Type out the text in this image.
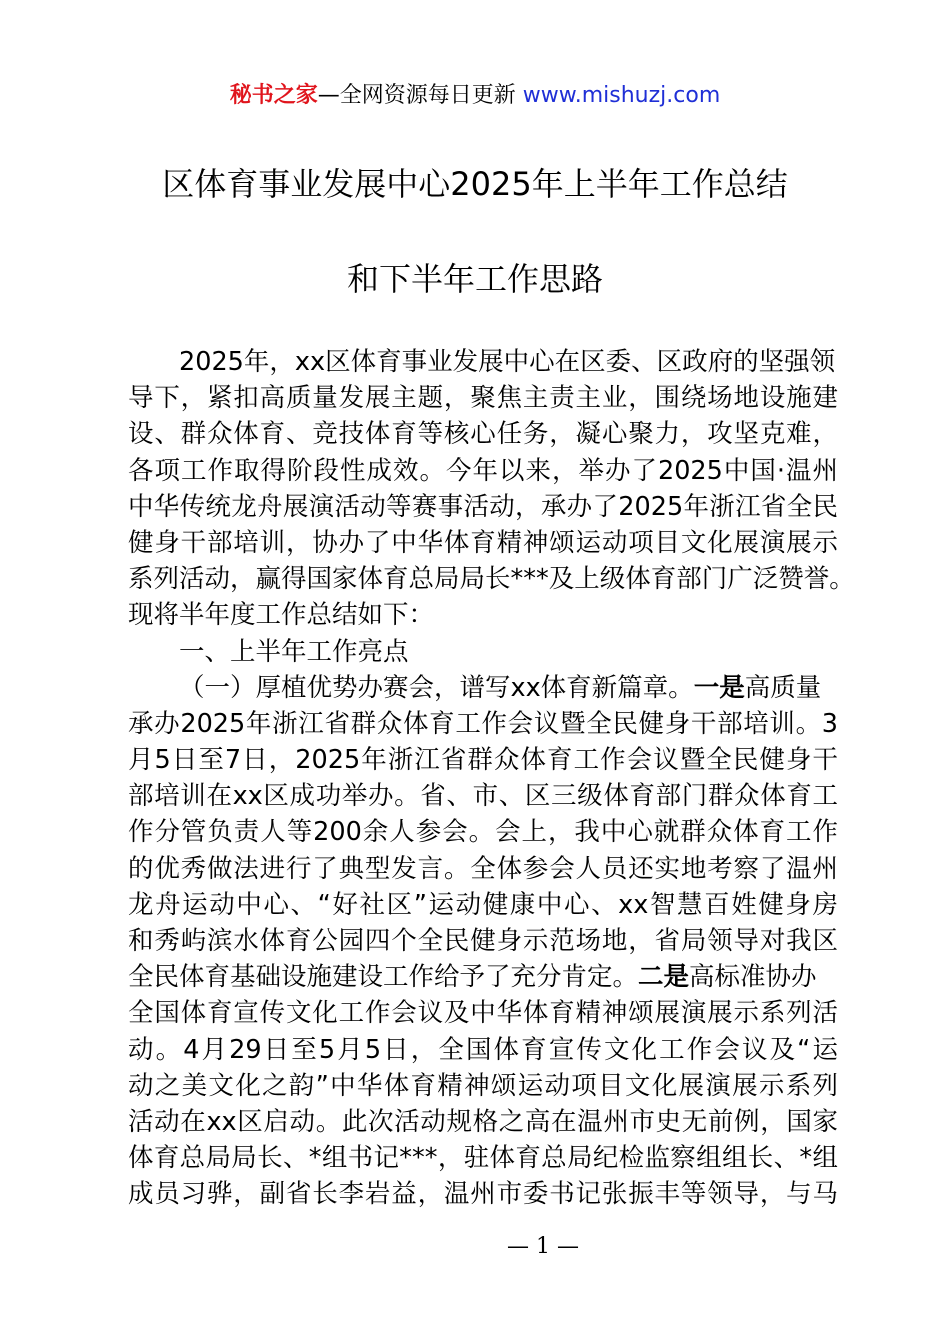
秘书之家—全网资源每日更新 www.mishuzj.com
区体育事业发展中心2025年上半年工作总结
和下半年工作思路
2025年，xx区体育事业发展中心在区委、区政府的坚强领
导下，紧扣高质量发展主题，聚焦主责主业，围绕场地设施建
设、群众体育、竞技体育等核心任务，凝心聚力，攻坚克难，
各项工作取得阶段性成效。今年以来，举办了2025中国·温州
中华传统龙舟展演活动等赛事活动，承办了2025年浙江省全民
健身干部培训，协办了中华体育精神颂运动项目文化展演展示
系列活动，赢得国家体育总局局长***及上级体育部门广泛赞誉。
现将半年度工作总结如下：
一、上半年工作亮点
（一）厚植优势办赛会，谱写xx体育新篇章。一是高质量
承办2025年浙江省群众体育工作会议暨全民健身干部培训。3
月5日至7日，2025年浙江省群众体育工作会议暨全民健身干
部培训在xx区成功举办。省、市、区三级体育部门群众体育工
作分管负责人等200余人参会。会上，我中心就群众体育工作
的优秀做法进行了典型发言。全体参会人员还实地考察了温州
龙舟运动中心、“好社区”运动健康中心、xx智慧百姓健身房
和秀屿滨水体育公园四个全民健身示范场地，省局领导对我区
全民体育基础设施建设工作给予了充分肯定。二是高标准协办
全国体育宣传文化工作会议及中华体育精神颂展演展示系列活
动。4月29日至5月5日，全国体育宣传文化工作会议及“运
动之美文化之韵”中华体育精神颂运动项目文化展演展示系列
活动在xx区启动。此次活动规格之高在温州市史无前例，国家
体育总局局长、*组书记***，驻体育总局纪检监察组组长、*组
成员习骅，副省长李岩益，温州市委书记张振丰等领导，与马
— 1 —
